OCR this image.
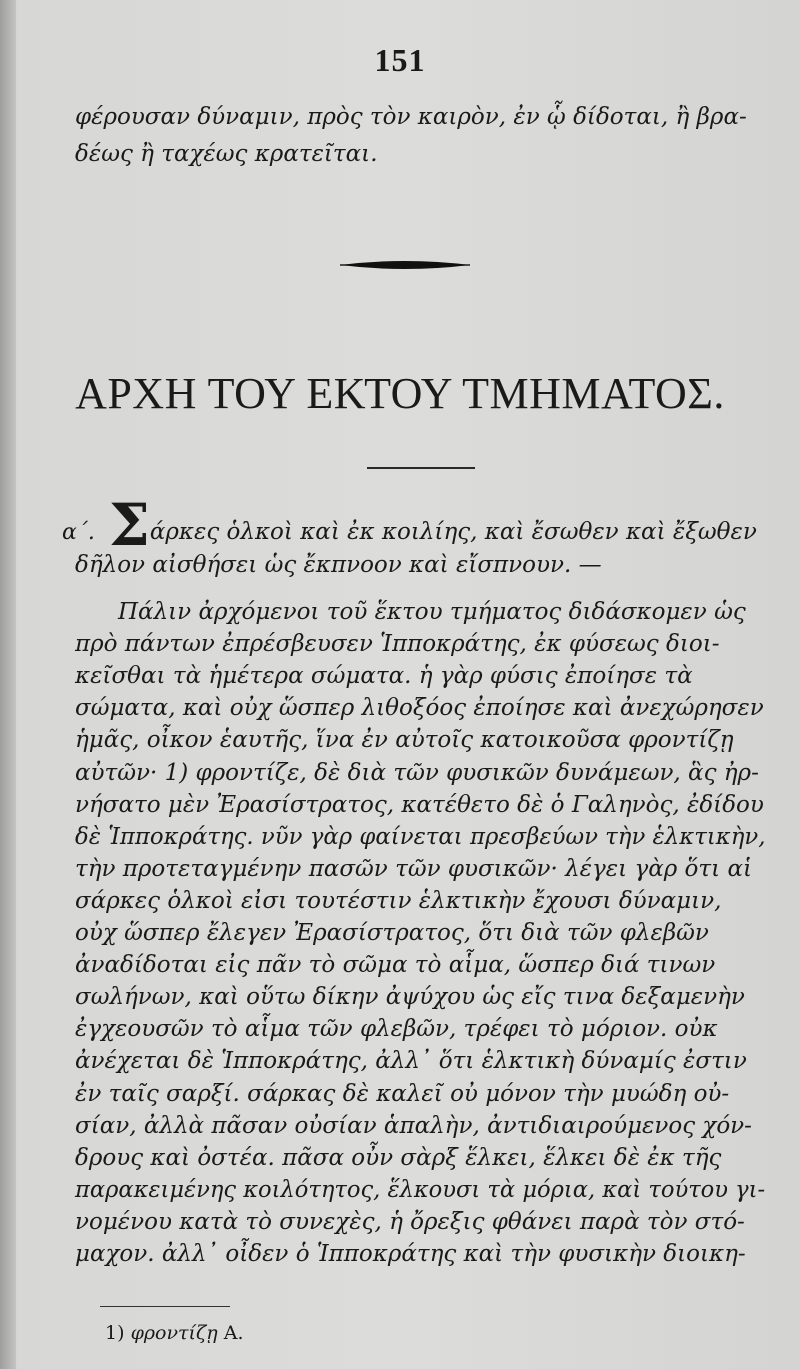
151
φέρουσαν δύναμιν, πρὸς τὸν καιρὸν, ἐν ᾧ δίδοται, ἢ βρα-
δέως ἢ ταχέως κρατεῖται.
ΑΡΧΗ ΤΟΥ ΕΚΤΟΥ ΤΜΗΜΑΤΟΣ.
α΄. Σάρκες ὁλκοὶ καὶ ἐκ κοιλίης, καὶ ἔσωθεν καὶ ἔξωθεν
δῆλον αἰσθήσει ὡς ἔκπνοον καὶ εἴσπνουν. —
Πάλιν ἀρχόμενοι τοῦ ἕκτου τμήματος διδάσκομεν ὡς
πρὸ πάντων ἐπρέσβευσεν Ἱπποκράτης, ἐκ φύσεως διοι-
κεῖσθαι τὰ ἡμέτερα σώματα. ἡ γὰρ φύσις ἐποίησε τὰ
σώματα, καὶ οὐχ ὥσπερ λιθοξόος ἐποίησε καὶ ἀνεχώρησεν
ἡμᾶς, οἶκον ἑαυτῆς, ἵνα ἐν αὐτοῖς κατοικοῦσα φροντίζῃ
αὐτῶν· 1) φροντίζε, δὲ διὰ τῶν φυσικῶν δυνάμεων, ἃς ἠρ-
νήσατο μὲν Ἐρασίστρατος, κατέθετο δὲ ὁ Γαληνὸς, ἐδίδου
δὲ Ἱπποκράτης. νῦν γὰρ φαίνεται πρεσβεύων τὴν ἑλκτικὴν,
τὴν προτεταγμένην πασῶν τῶν φυσικῶν· λέγει γὰρ ὅτι αἱ
σάρκες ὁλκοὶ εἰσι τουτέστιν ἑλκτικὴν ἔχουσι δύναμιν,
οὐχ ὥσπερ ἔλεγεν Ἐρασίστρατος, ὅτι διὰ τῶν φλεβῶν
ἀναδίδοται εἰς πᾶν τὸ σῶμα τὸ αἷμα, ὥσπερ διά τινων
σωλήνων, καὶ οὕτω δίκην ἀψύχου ὡς εἴς τινα δεξαμενὴν
ἐγχεουσῶν τὸ αἷμα τῶν φλεβῶν, τρέφει τὸ μόριον. οὐκ
ἀνέχεται δὲ Ἱπποκράτης, ἀλλ᾽ ὅτι ἑλκτικὴ δύναμίς ἐστιν
ἐν ταῖς σαρξί. σάρκας δὲ καλεῖ οὐ μόνον τὴν μυώδη οὐ-
σίαν, ἀλλὰ πᾶσαν οὐσίαν ἁπαλὴν, ἀντιδιαιρούμενος χόν-
δρους καὶ ὀστέα. πᾶσα οὖν σὰρξ ἕλκει, ἕλκει δὲ ἐκ τῆς
παρακειμένης κοιλότητος, ἕλκουσι τὰ μόρια, καὶ τούτου γι-
νομένου κατὰ τὸ συνεχὲς, ἡ ὄρεξις φθάνει παρὰ τὸν στό-
μαχον. ἀλλ᾽ οἶδεν ὁ Ἱπποκράτης καὶ τὴν φυσικὴν διοικη-
1) φροντίζῃ Α.
